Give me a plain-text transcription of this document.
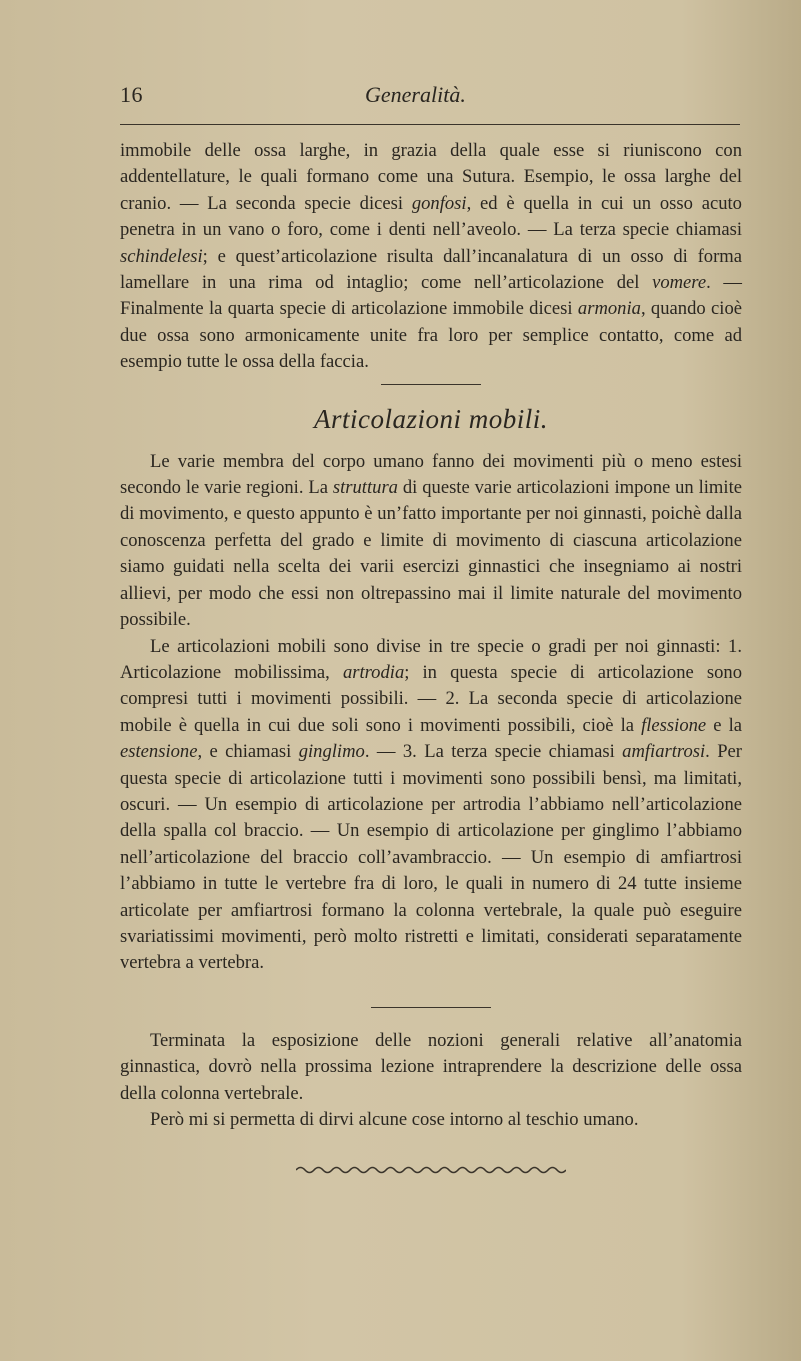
16	Generalità.

immobile delle ossa larghe, in grazia della quale esse si riuniscono con addentellature, le quali formano come una Sutura. Esempio, le ossa larghe del cranio. — La seconda specie dicesi gonfosi, ed è quella in cui un osso acuto penetra in un vano o foro, come i denti nell’aveolo. — La terza specie chiamasi schindelesi; e quest’articolazione risulta dall’incanalatura di un osso di forma lamellare in una rima od intaglio; come nell’articolazione del vomere. — Finalmente la quarta specie di articolazione immobile dicesi armonia, quando cioè due ossa sono armonicamente unite fra loro per semplice contatto, come ad esempio tutte le ossa della faccia.

Articolazioni mobili.

Le varie membra del corpo umano fanno dei movimenti più o meno estesi secondo le varie regioni. La struttura di queste varie articolazioni impone un limite di movimento, e questo appunto è un’fatto importante per noi ginnasti, poichè dalla conoscenza perfetta del grado e limite di movimento di ciascuna articolazione siamo guidati nella scelta dei varii esercizi ginnastici che insegniamo ai nostri allievi, per modo che essi non oltrepassino mai il limite naturale del movimento possibile.

Le articolazioni mobili sono divise in tre specie o gradi per noi ginnasti: 1. Articolazione mobilissima, artrodia; in questa specie di articolazione sono compresi tutti i movimenti possibili. — 2. La seconda specie di articolazione mobile è quella in cui due soli sono i movimenti possibili, cioè la flessione e la estensione, e chiamasi ginglimo. — 3. La terza specie chiamasi amfiartrosi. Per questa specie di articolazione tutti i movimenti sono possibili bensì, ma limitati, oscuri. — Un esempio di articolazione per artrodia l’abbiamo nell’articolazione della spalla col braccio. — Un esempio di articolazione per ginglimo l’abbiamo nell’articolazione del braccio coll’avambraccio. — Un esempio di amfiartrosi l’abbiamo in tutte le vertebre fra di loro, le quali in numero di 24 tutte insieme articolate per amfiartrosi formano la colonna vertebrale, la quale può eseguire svariatissimi movimenti, però molto ristretti e limitati, considerati separatamente vertebra a vertebra.

Terminata la esposizione delle nozioni generali relative all’anatomia ginnastica, dovrò nella prossima lezione intraprendere la descrizione delle ossa della colonna vertebrale.

Però mi si permetta di dirvi alcune cose intorno al teschio umano.
